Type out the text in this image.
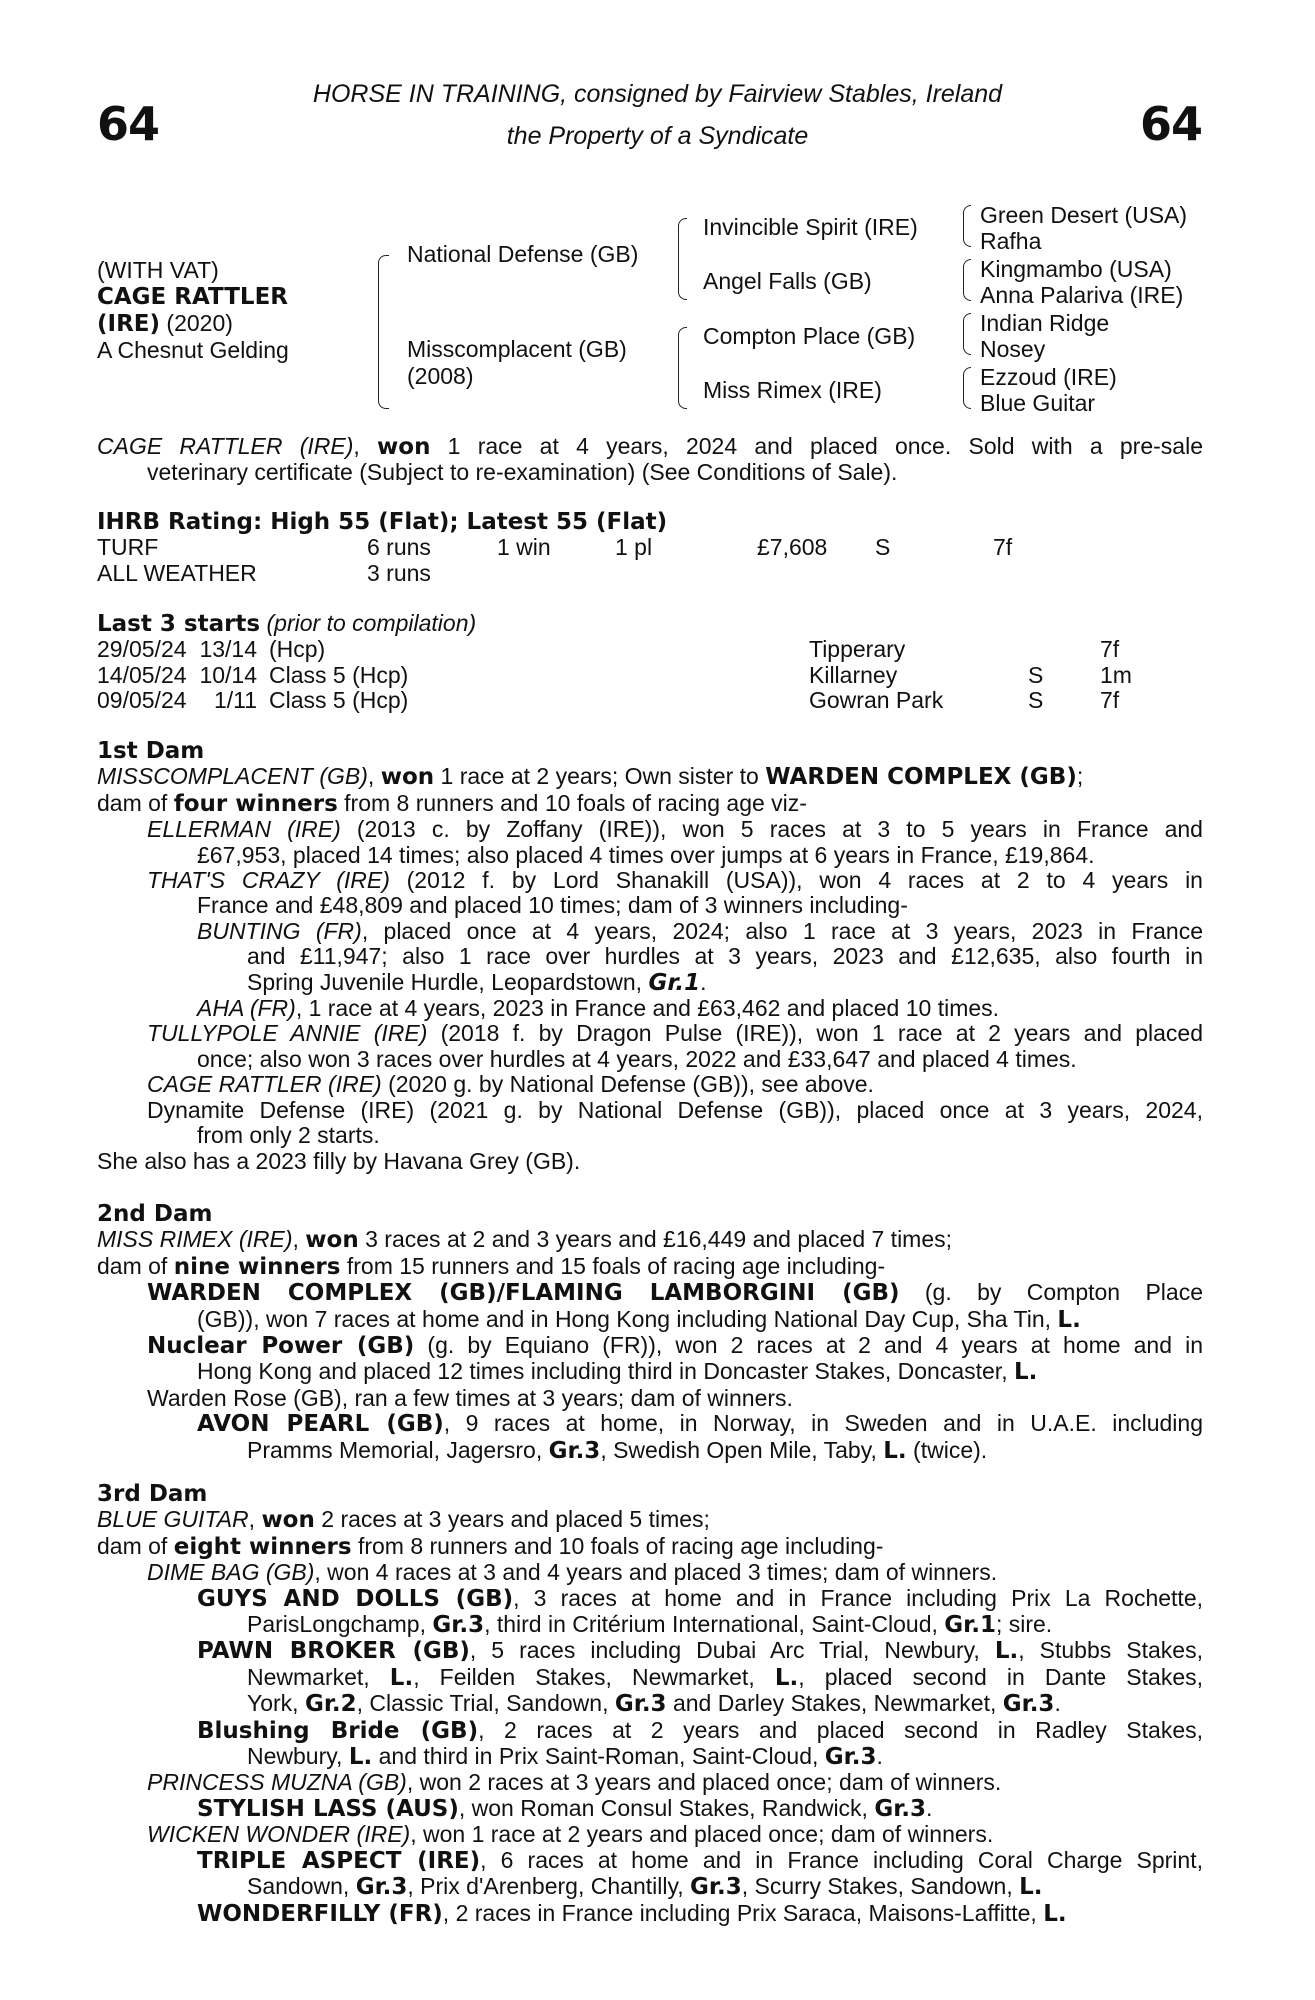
64	64
HORSE IN TRAINING, consigned by Fairview Stables, Ireland
the Property of a Syndicate
(WITH VAT)
CAGE RATTLER
(IRE) (2020)
A Chesnut Gelding
National Defense (GB)
Misscomplacent (GB)
(2008)
Invincible Spirit (IRE)
Angel Falls (GB)
Compton Place (GB)
Miss Rimex (IRE)
Green Desert (USA)
Rafha
Kingmambo (USA)
Anna Palariva (IRE)
Indian Ridge
Nosey
Ezzoud (IRE)
Blue Guitar
CAGE RATTLER (IRE), won 1 race at 4 years, 2024 and placed once. Sold with a pre-sale
veterinary certificate (Subject to re-examination) (See Conditions of Sale).
IHRB Rating: High 55 (Flat); Latest 55 (Flat)
TURF	6 runs	1 win	1 pl	£7,608	S	7f
ALL WEATHER	3 runs					
Last 3 starts (prior to compilation)
29/05/24	13/14	(Hcp)	Tipperary		7f
14/05/24	10/14	Class 5 (Hcp)	Killarney	S	1m
09/05/24	1/11	Class 5 (Hcp)	Gowran Park	S	7f
1st Dam
MISSCOMPLACENT (GB), won 1 race at 2 years; Own sister to WARDEN COMPLEX (GB);
dam of four winners from 8 runners and 10 foals of racing age viz-
ELLERMAN (IRE) (2013 c. by Zoffany (IRE)), won 5 races at 3 to 5 years in France and
£67,953, placed 14 times; also placed 4 times over jumps at 6 years in France, £19,864.
THAT'S CRAZY (IRE) (2012 f. by Lord Shanakill (USA)), won 4 races at 2 to 4 years in
France and £48,809 and placed 10 times; dam of 3 winners including-
BUNTING (FR), placed once at 4 years, 2024; also 1 race at 3 years, 2023 in France
and £11,947; also 1 race over hurdles at 3 years, 2023 and £12,635, also fourth in
Spring Juvenile Hurdle, Leopardstown, Gr.1.
AHA (FR), 1 race at 4 years, 2023 in France and £63,462 and placed 10 times.
TULLYPOLE ANNIE (IRE) (2018 f. by Dragon Pulse (IRE)), won 1 race at 2 years and placed
once; also won 3 races over hurdles at 4 years, 2022 and £33,647 and placed 4 times.
CAGE RATTLER (IRE) (2020 g. by National Defense (GB)), see above.
Dynamite Defense (IRE) (2021 g. by National Defense (GB)), placed once at 3 years, 2024,
from only 2 starts.
She also has a 2023 filly by Havana Grey (GB).
2nd Dam
MISS RIMEX (IRE), won 3 races at 2 and 3 years and £16,449 and placed 7 times;
dam of nine winners from 15 runners and 15 foals of racing age including-
WARDEN COMPLEX (GB)/FLAMING LAMBORGINI (GB) (g. by Compton Place
(GB)), won 7 races at home and in Hong Kong including National Day Cup, Sha Tin, L.
Nuclear Power (GB) (g. by Equiano (FR)), won 2 races at 2 and 4 years at home and in
Hong Kong and placed 12 times including third in Doncaster Stakes, Doncaster, L.
Warden Rose (GB), ran a few times at 3 years; dam of winners.
AVON PEARL (GB), 9 races at home, in Norway, in Sweden and in U.A.E. including
Pramms Memorial, Jagersro, Gr.3, Swedish Open Mile, Taby, L. (twice).
3rd Dam
BLUE GUITAR, won 2 races at 3 years and placed 5 times;
dam of eight winners from 8 runners and 10 foals of racing age including-
DIME BAG (GB), won 4 races at 3 and 4 years and placed 3 times; dam of winners.
GUYS AND DOLLS (GB), 3 races at home and in France including Prix La Rochette,
ParisLongchamp, Gr.3, third in Critérium International, Saint-Cloud, Gr.1; sire.
PAWN BROKER (GB), 5 races including Dubai Arc Trial, Newbury, L., Stubbs Stakes,
Newmarket, L., Feilden Stakes, Newmarket, L., placed second in Dante Stakes,
York, Gr.2, Classic Trial, Sandown, Gr.3 and Darley Stakes, Newmarket, Gr.3.
Blushing Bride (GB), 2 races at 2 years and placed second in Radley Stakes,
Newbury, L. and third in Prix Saint-Roman, Saint-Cloud, Gr.3.
PRINCESS MUZNA (GB), won 2 races at 3 years and placed once; dam of winners.
STYLISH LASS (AUS), won Roman Consul Stakes, Randwick, Gr.3.
WICKEN WONDER (IRE), won 1 race at 2 years and placed once; dam of winners.
TRIPLE ASPECT (IRE), 6 races at home and in France including Coral Charge Sprint,
Sandown, Gr.3, Prix d'Arenberg, Chantilly, Gr.3, Scurry Stakes, Sandown, L.
WONDERFILLY (FR), 2 races in France including Prix Saraca, Maisons-Laffitte, L.
